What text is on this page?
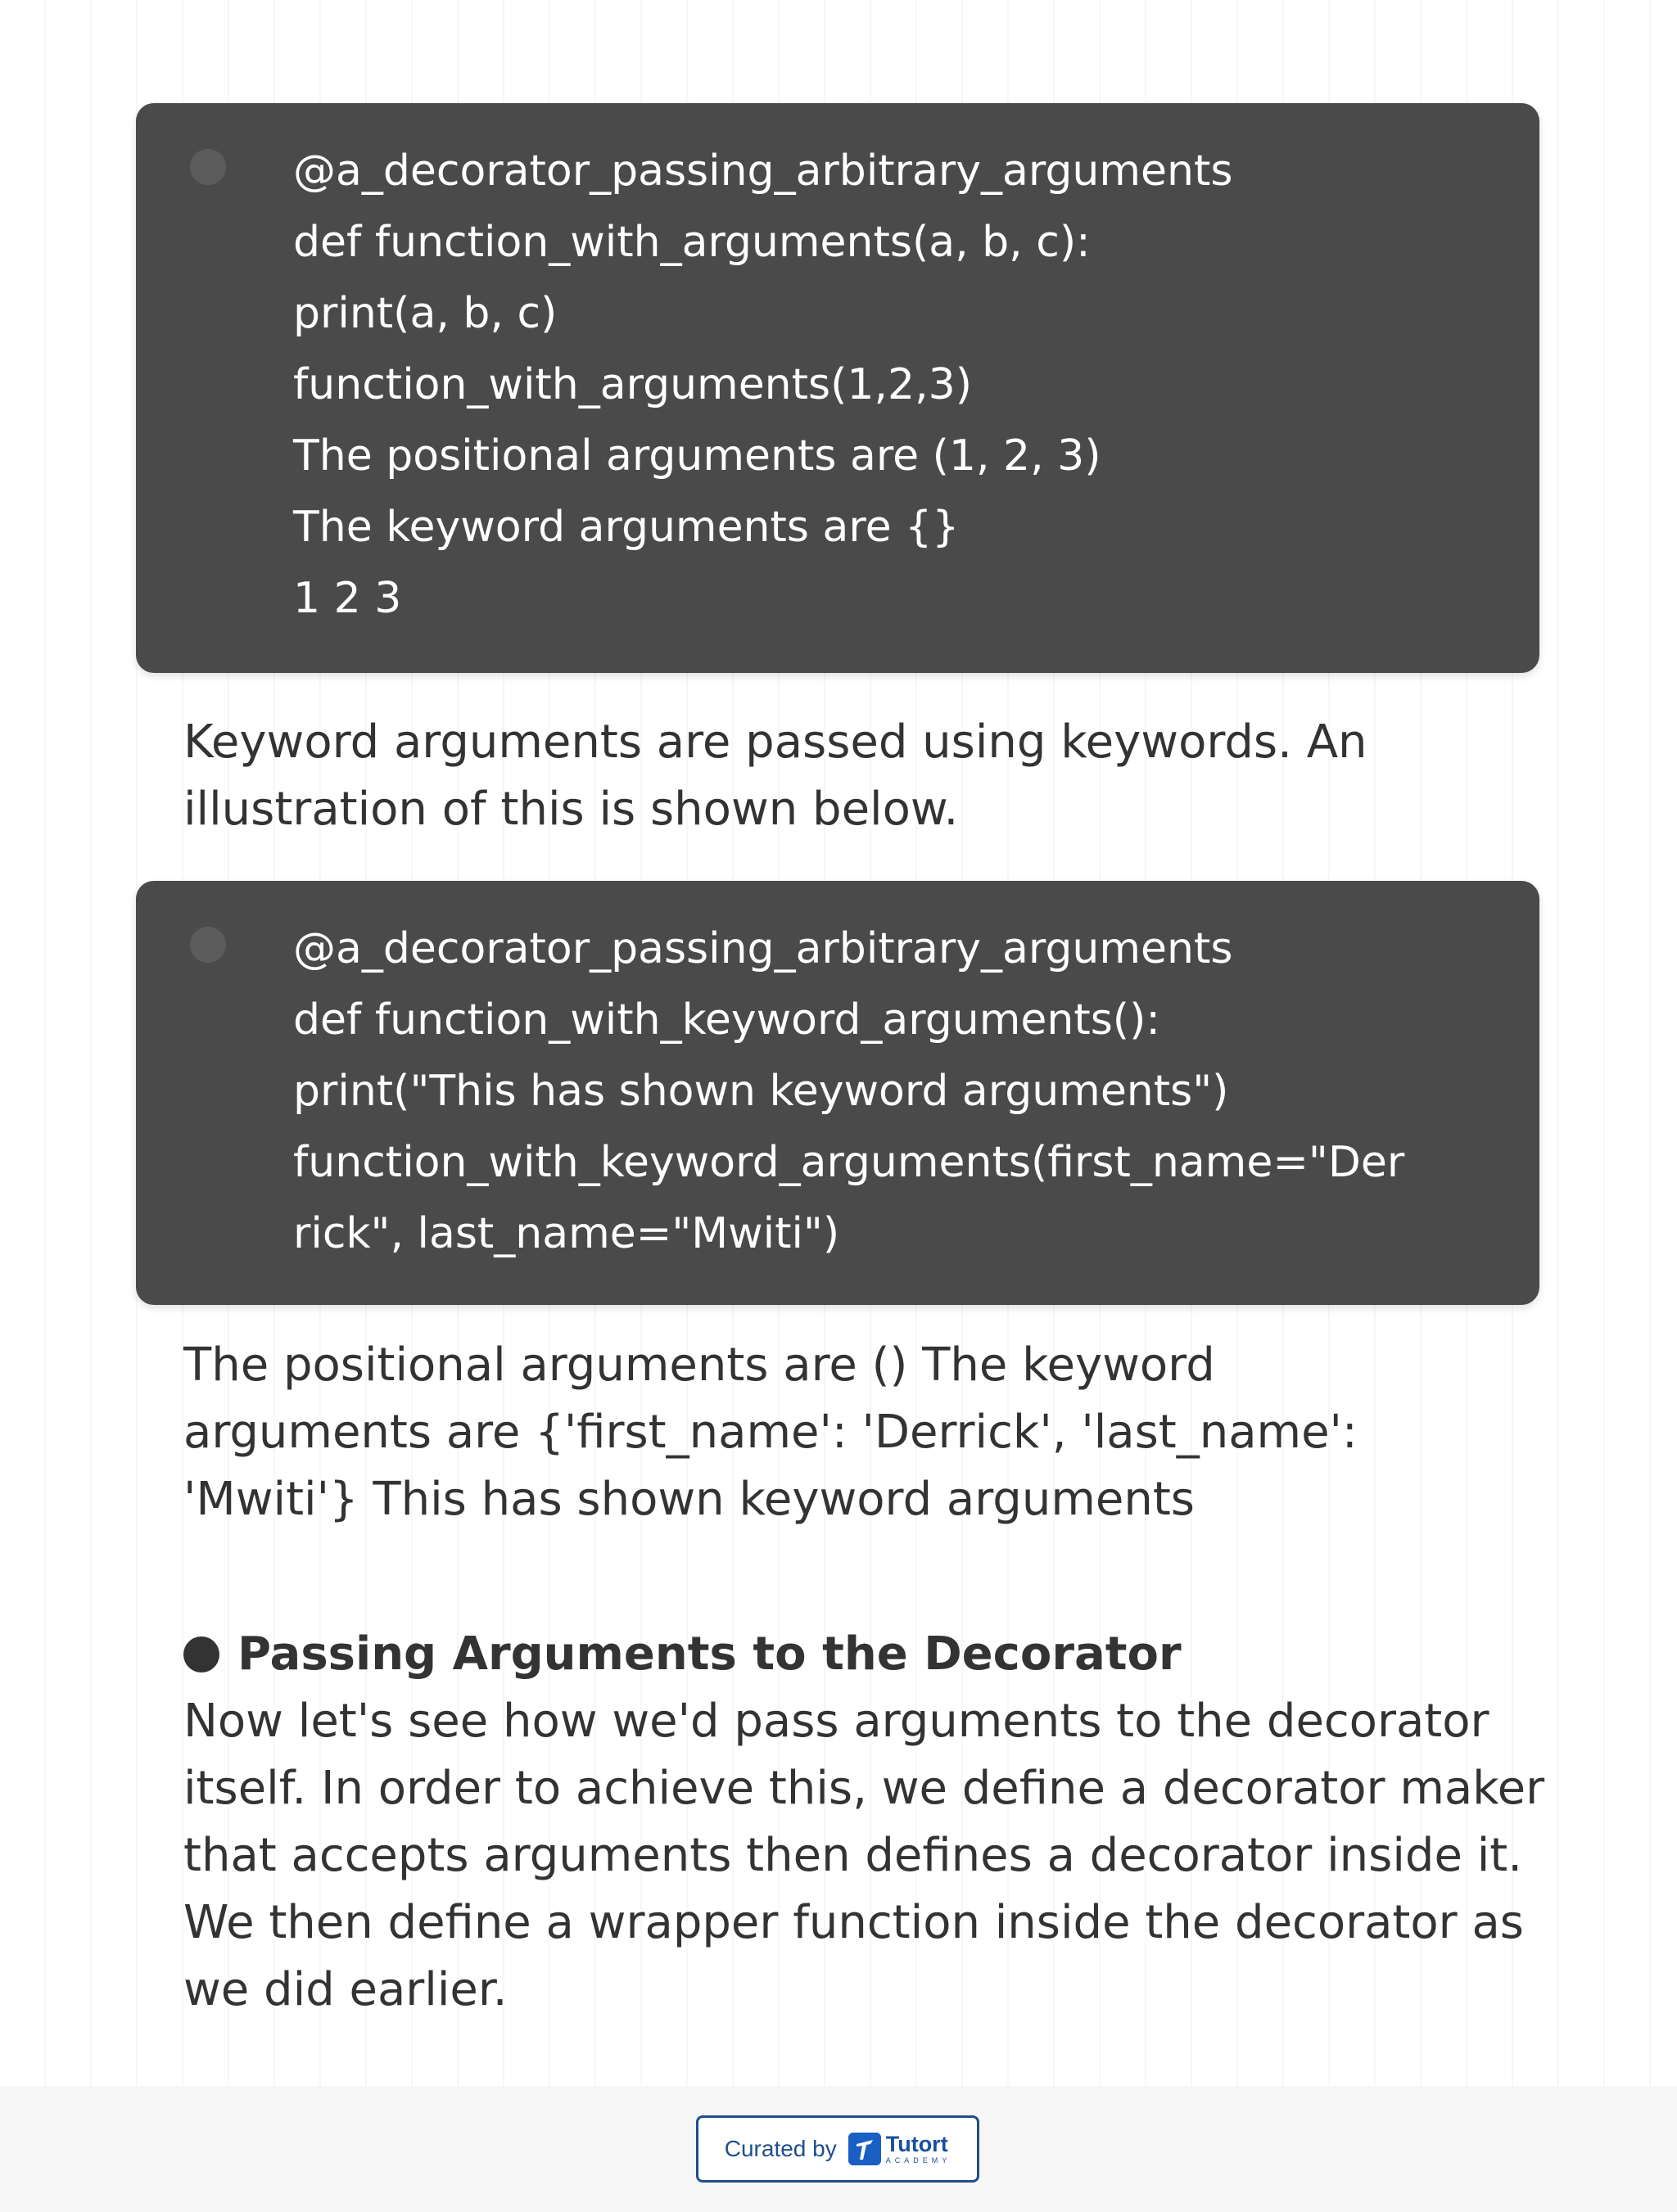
@a_decorator_passing_arbitrary_arguments
def function_with_arguments(a, b, c):
print(a, b, c)
function_with_arguments(1,2,3)
The positional arguments are (1, 2, 3)
The keyword arguments are {}
1 2 3
Keyword arguments are passed using keywords. An
illustration of this is shown below.
@a_decorator_passing_arbitrary_arguments
def function_with_keyword_arguments():
print("This has shown keyword arguments")
function_with_keyword_arguments(first_name="Der
rick", last_name="Mwiti")
The positional arguments are () The keyword
arguments are {'first_name': 'Derrick', 'last_name':
'Mwiti'} This has shown keyword arguments
Passing Arguments to the Decorator
Now let's see how we'd pass arguments to the decorator
itself. In order to achieve this, we define a decorator maker
that accepts arguments then defines a decorator inside it.
We then define a wrapper function inside the decorator as
we did earlier.
Curated by Tutort
ACADEMY
